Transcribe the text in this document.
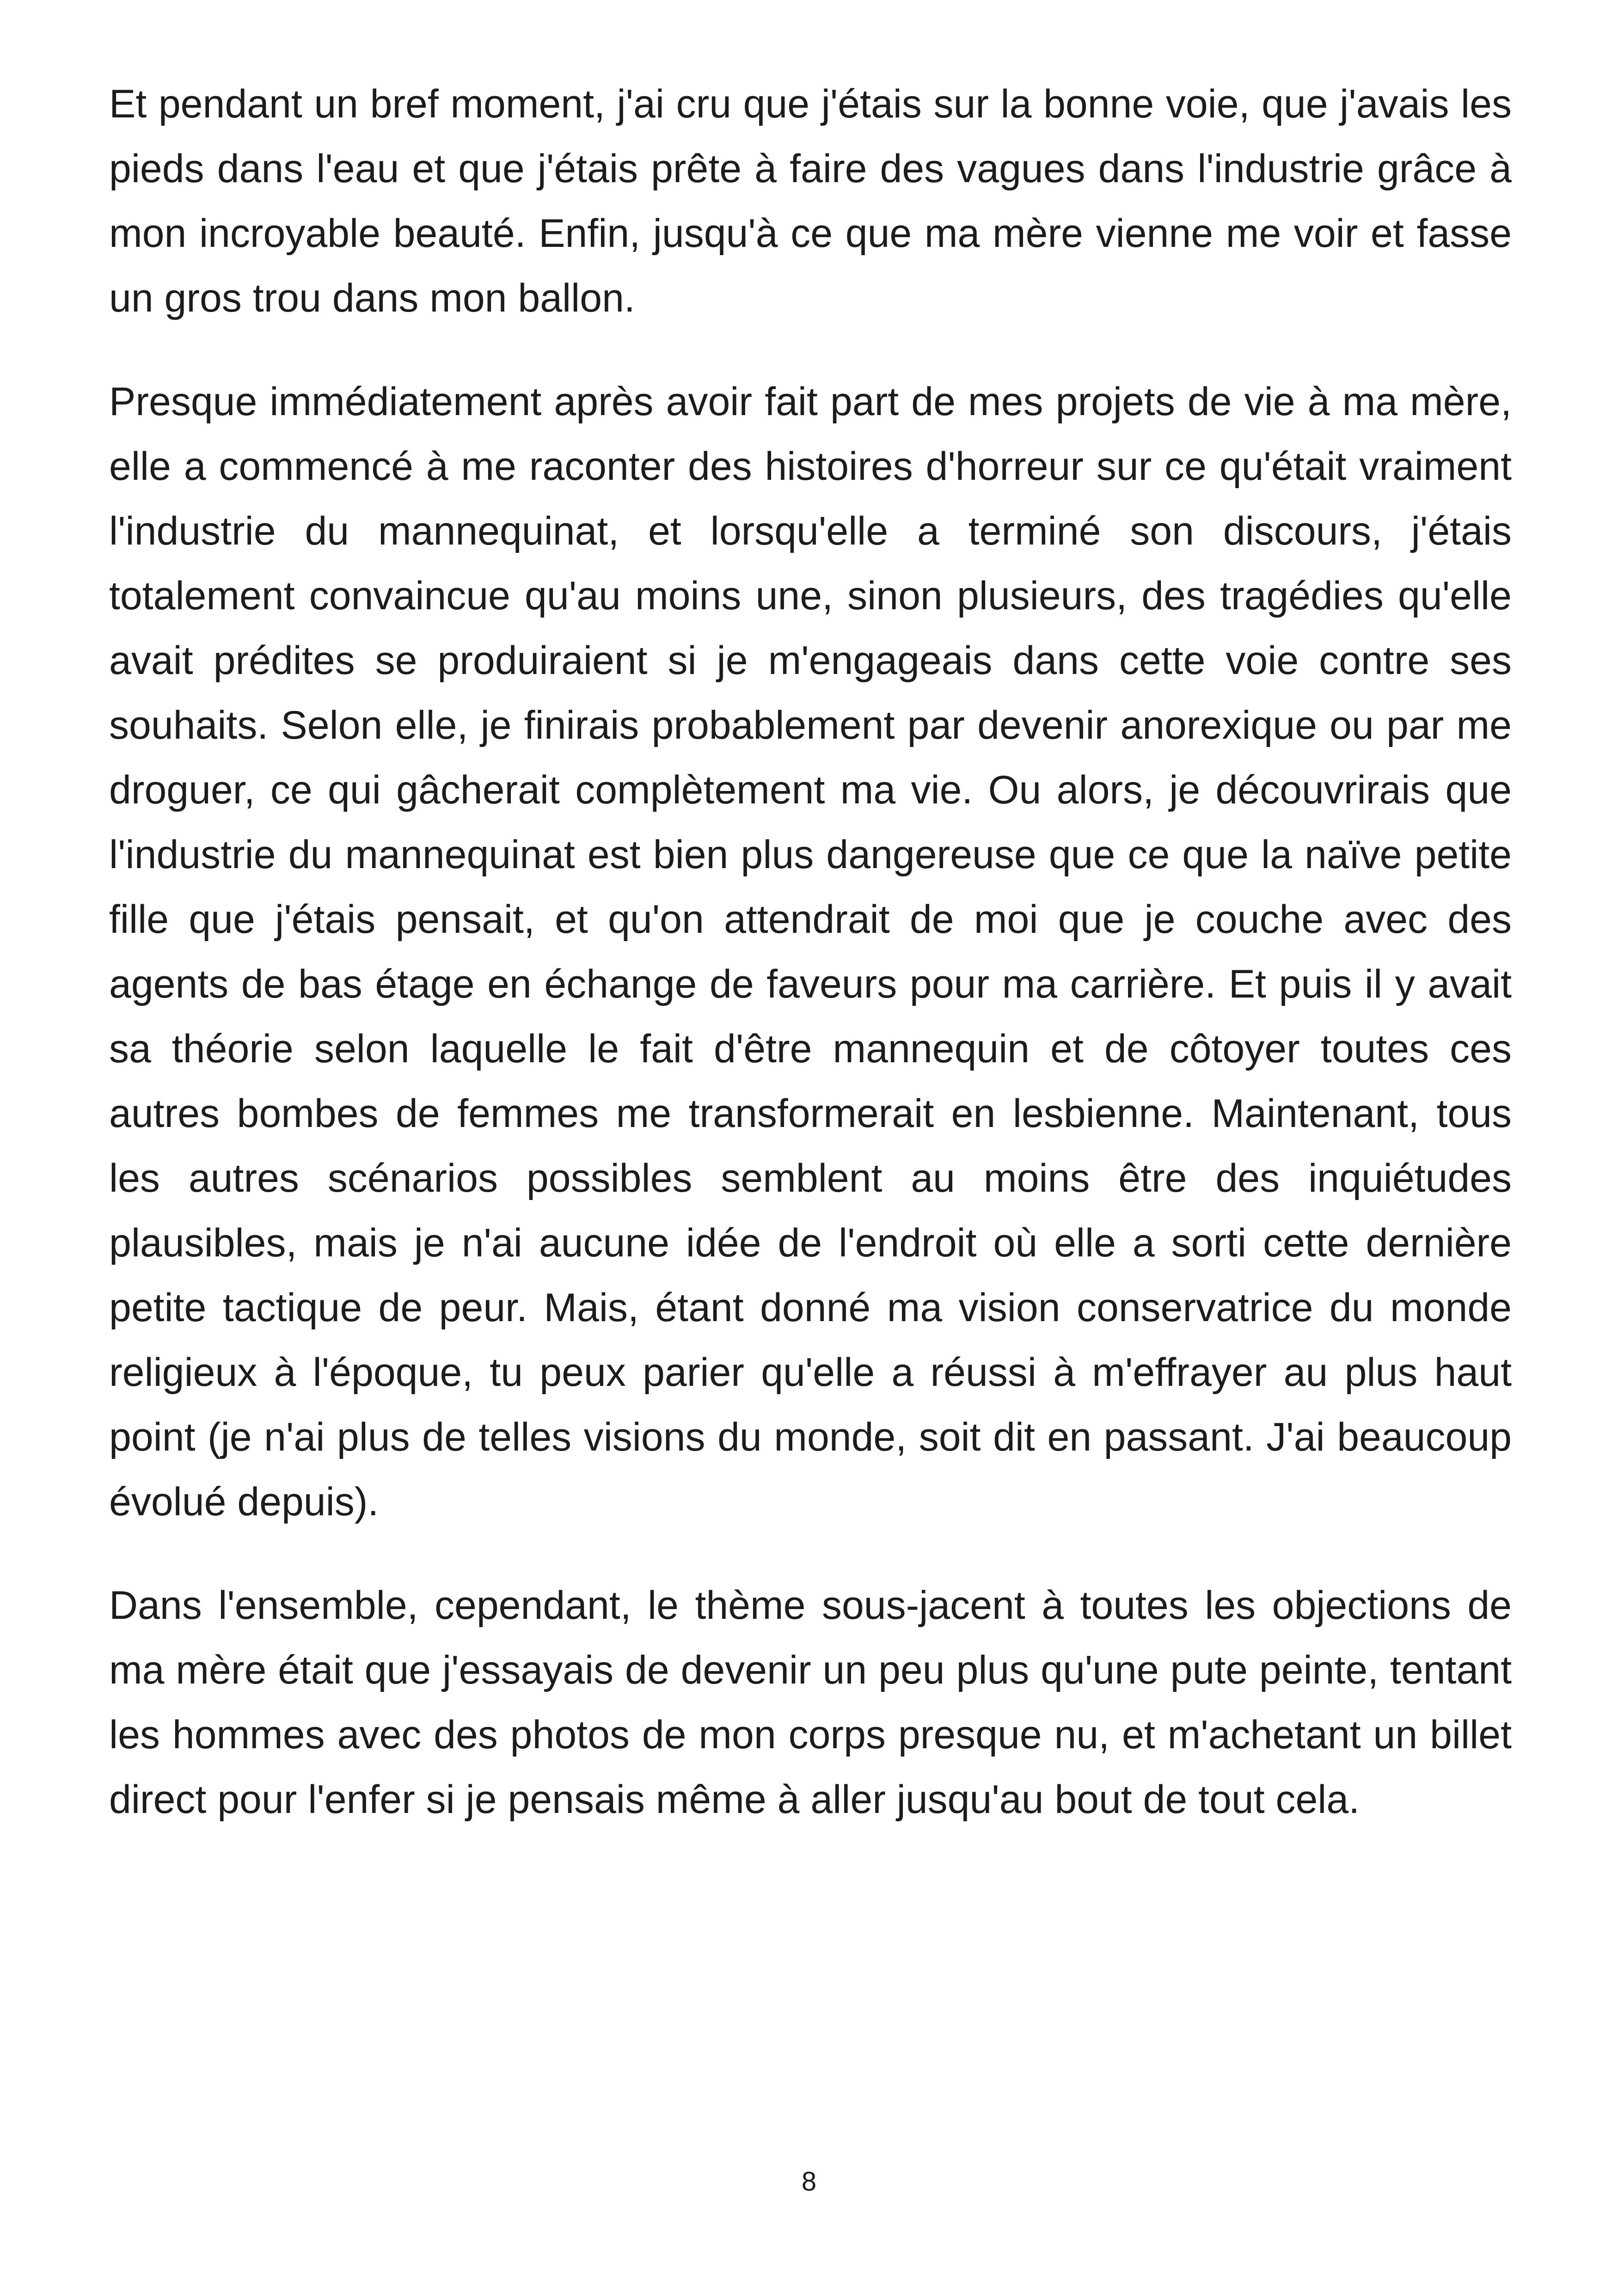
Et pendant un bref moment, j'ai cru que j'étais sur la bonne voie, que j'avais les pieds dans l'eau et que j'étais prête à faire des vagues dans l'industrie grâce à mon incroyable beauté. Enfin, jusqu'à ce que ma mère vienne me voir et fasse un gros trou dans mon ballon.

Presque immédiatement après avoir fait part de mes projets de vie à ma mère, elle a commencé à me raconter des histoires d'horreur sur ce qu'était vraiment l'industrie du mannequinat, et lorsqu'elle a terminé son discours, j'étais totalement convaincue qu'au moins une, sinon plusieurs, des tragédies qu'elle avait prédites se produiraient si je m'engageais dans cette voie contre ses souhaits. Selon elle, je finirais probablement par devenir anorexique ou par me droguer, ce qui gâcherait complètement ma vie. Ou alors, je découvrirais que l'industrie du mannequinat est bien plus dangereuse que ce que la naïve petite fille que j'étais pensait, et qu'on attendrait de moi que je couche avec des agents de bas étage en échange de faveurs pour ma carrière. Et puis il y avait sa théorie selon laquelle le fait d'être mannequin et de côtoyer toutes ces autres bombes de femmes me transformerait en lesbienne. Maintenant, tous les autres scénarios possibles semblent au moins être des inquiétudes plausibles, mais je n'ai aucune idée de l'endroit où elle a sorti cette dernière petite tactique de peur. Mais, étant donné ma vision conservatrice du monde religieux à l'époque, tu peux parier qu'elle a réussi à m'effrayer au plus haut point (je n'ai plus de telles visions du monde, soit dit en passant. J'ai beaucoup évolué depuis).

Dans l'ensemble, cependant, le thème sous-jacent à toutes les objections de ma mère était que j'essayais de devenir un peu plus qu'une pute peinte, tentant les hommes avec des photos de mon corps presque nu, et m'achetant un billet direct pour l'enfer si je pensais même à aller jusqu'au bout de tout cela.

8
